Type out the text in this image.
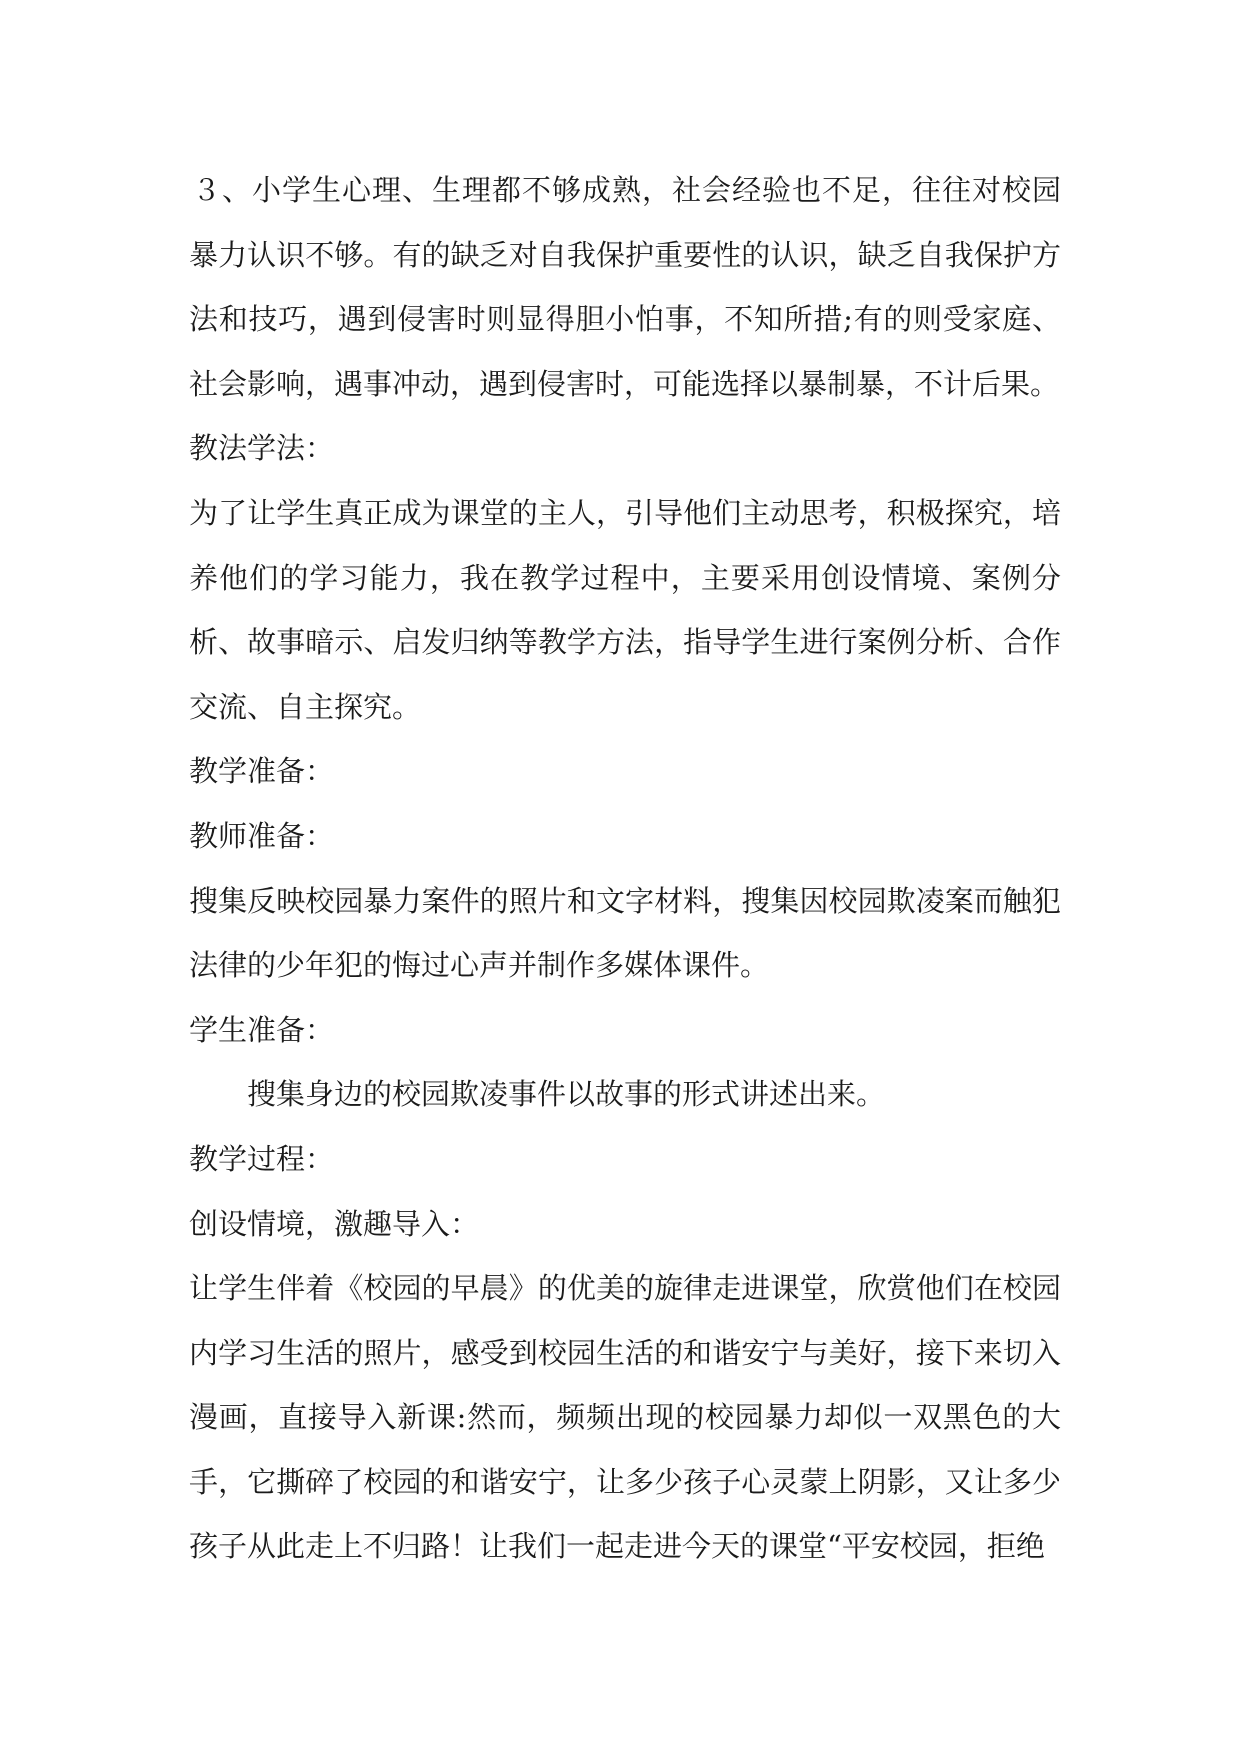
３、小学生心理、生理都不够成熟，社会经验也不足，往往对校园暴力认识不够。有的缺乏对自我保护重要性的认识，缺乏自我保护方法和技巧，遇到侵害时则显得胆小怕事，不知所措;有的则受家庭、社会影响，遇事冲动，遇到侵害时，可能选择以暴制暴，不计后果。

教法学法：

为了让学生真正成为课堂的主人，引导他们主动思考，积极探究，培养他们的学习能力，我在教学过程中，主要采用创设情境、案例分析、故事暗示、启发归纳等教学方法，指导学生进行案例分析、合作交流、自主探究。

教学准备：

教师准备：

搜集反映校园暴力案件的照片和文字材料，搜集因校园欺凌案而触犯法律的少年犯的悔过心声并制作多媒体课件。

学生准备：

搜集身边的校园欺凌事件以故事的形式讲述出来。

教学过程：

创设情境，激趣导入：

让学生伴着《校园的早晨》的优美的旋律走进课堂，欣赏他们在校园内学习生活的照片，感受到校园生活的和谐安宁与美好，接下来切入漫画，直接导入新课:然而，频频出现的校园暴力却似一双黑色的大手，它撕碎了校园的和谐安宁，让多少孩子心灵蒙上阴影，又让多少孩子从此走上不归路！让我们一起走进今天的课堂“平安校园，拒绝
